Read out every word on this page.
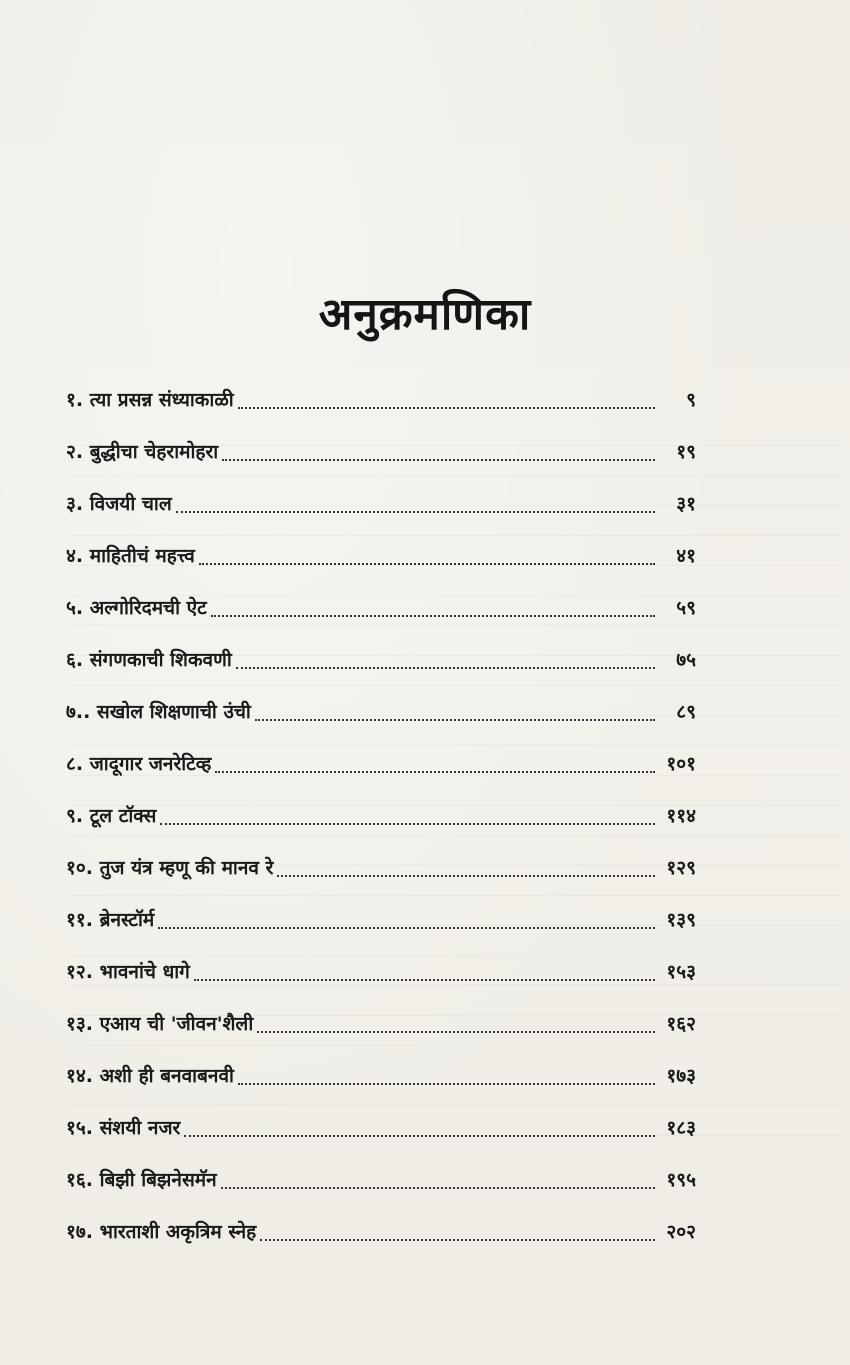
अनुक्रमणिका
१. त्या प्रसन्न संध्याकाळी	९
२. बुद्धीचा चेहरामोहरा	१९
३. विजयी चाल	३१
४. माहितीचं महत्त्व	४१
५. अल्गोरिदमची ऐट	५९
६. संगणकाची शिकवणी	७५
७.. सखोल शिक्षणाची उंची	८९
८. जादूगार जनरेटिव्ह	१०१
९. टूल टॉक्स	११४
१०. तुज यंत्र म्हणू की मानव रे	१२९
११. ब्रेनस्टॉर्म	१३९
१२. भावनांचे धागे	१५३
१३. एआय ची 'जीवन'शैली	१६२
१४. अशी ही बनवाबनवी	१७३
१५. संशयी नजर	१८३
१६. बिझी बिझनेसमॅन	१९५
१७. भारताशी अकृत्रिम स्नेह	२०२
